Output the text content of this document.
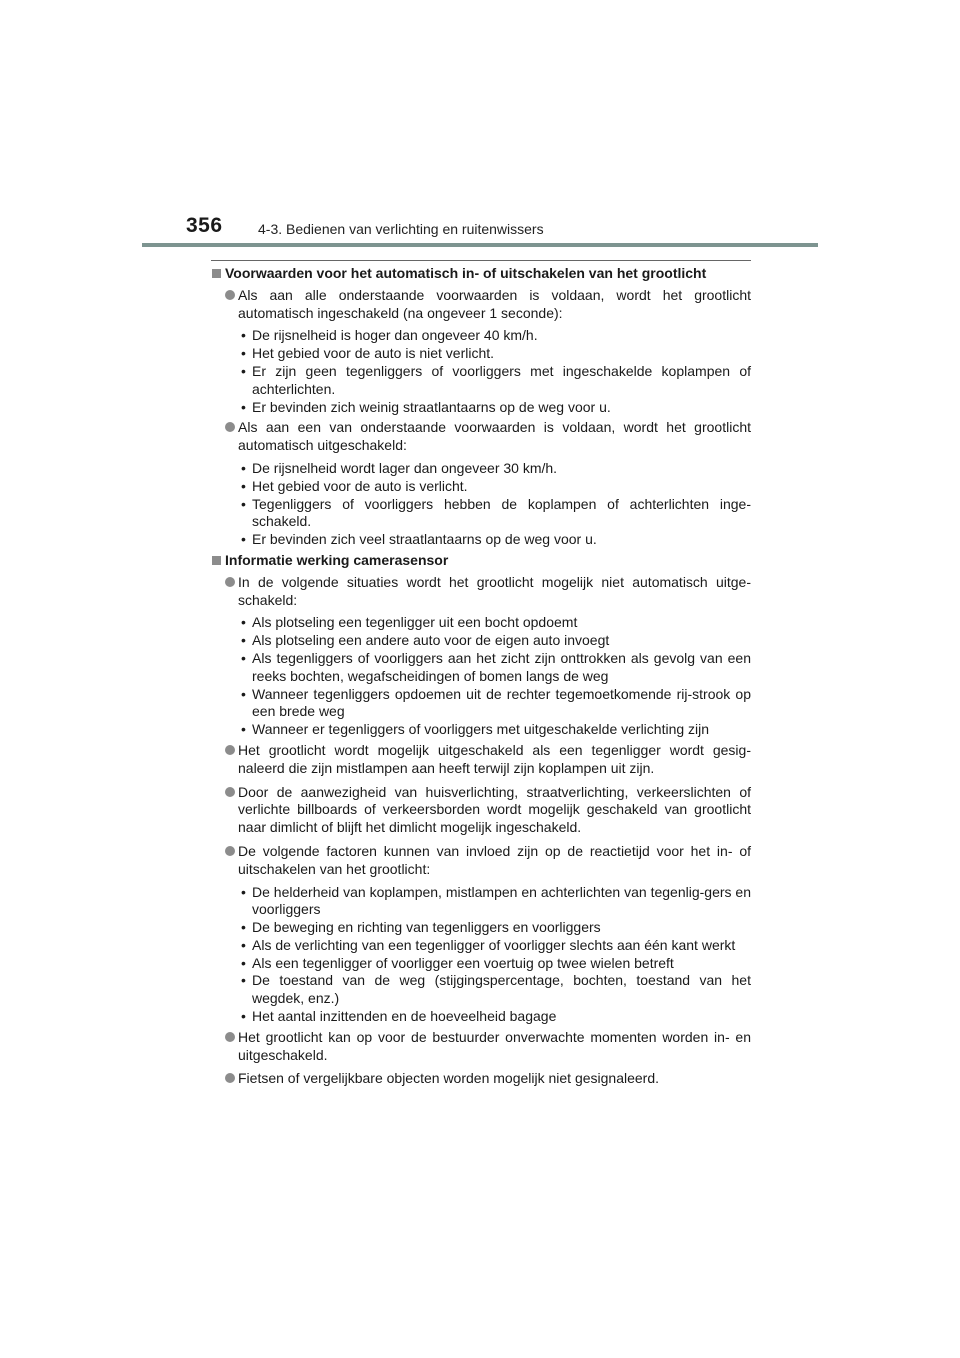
356	4-3. Bedienen van verlichting en ruitenwissers
Voorwaarden voor het automatisch in- of uitschakelen van het grootlicht
Als aan alle onderstaande voorwaarden is voldaan, wordt het grootlicht automatisch ingeschakeld (na ongeveer 1 seconde):
• De rijsnelheid is hoger dan ongeveer 40 km/h.
• Het gebied voor de auto is niet verlicht.
• Er zijn geen tegenliggers of voorliggers met ingeschakelde koplampen of achterlichten.
• Er bevinden zich weinig straatlantaarns op de weg voor u.
Als aan een van onderstaande voorwaarden is voldaan, wordt het grootlicht automatisch uitgeschakeld:
• De rijsnelheid wordt lager dan ongeveer 30 km/h.
• Het gebied voor de auto is verlicht.
• Tegenliggers of voorliggers hebben de koplampen of achterlichten inge-schakeld.
• Er bevinden zich veel straatlantaarns op de weg voor u.
Informatie werking camerasensor
In de volgende situaties wordt het grootlicht mogelijk niet automatisch uitge-schakeld:
• Als plotseling een tegenligger uit een bocht opdoemt
• Als plotseling een andere auto voor de eigen auto invoegt
• Als tegenliggers of voorliggers aan het zicht zijn onttrokken als gevolg van een reeks bochten, wegafscheidingen of bomen langs de weg
• Wanneer tegenliggers opdoemen uit de rechter tegemoetkomende rij-strook op een brede weg
• Wanneer er tegenliggers of voorliggers met uitgeschakelde verlichting zijn
Het grootlicht wordt mogelijk uitgeschakeld als een tegenligger wordt gesig-naleerd die zijn mistlampen aan heeft terwijl zijn koplampen uit zijn.
Door de aanwezigheid van huisverlichting, straatverlichting, verkeerslichten of verlichte billboards of verkeersborden wordt mogelijk geschakeld van grootlicht naar dimlicht of blijft het dimlicht mogelijk ingeschakeld.
De volgende factoren kunnen van invloed zijn op de reactietijd voor het in- of uitschakelen van het grootlicht:
• De helderheid van koplampen, mistlampen en achterlichten van tegenlig-gers en voorliggers
• De beweging en richting van tegenliggers en voorliggers
• Als de verlichting van een tegenligger of voorligger slechts aan één kant werkt
• Als een tegenligger of voorligger een voertuig op twee wielen betreft
• De toestand van de weg (stijgingspercentage, bochten, toestand van het wegdek, enz.)
• Het aantal inzittenden en de hoeveelheid bagage
Het grootlicht kan op voor de bestuurder onverwachte momenten worden in- en uitgeschakeld.
Fietsen of vergelijkbare objecten worden mogelijk niet gesignaleerd.
